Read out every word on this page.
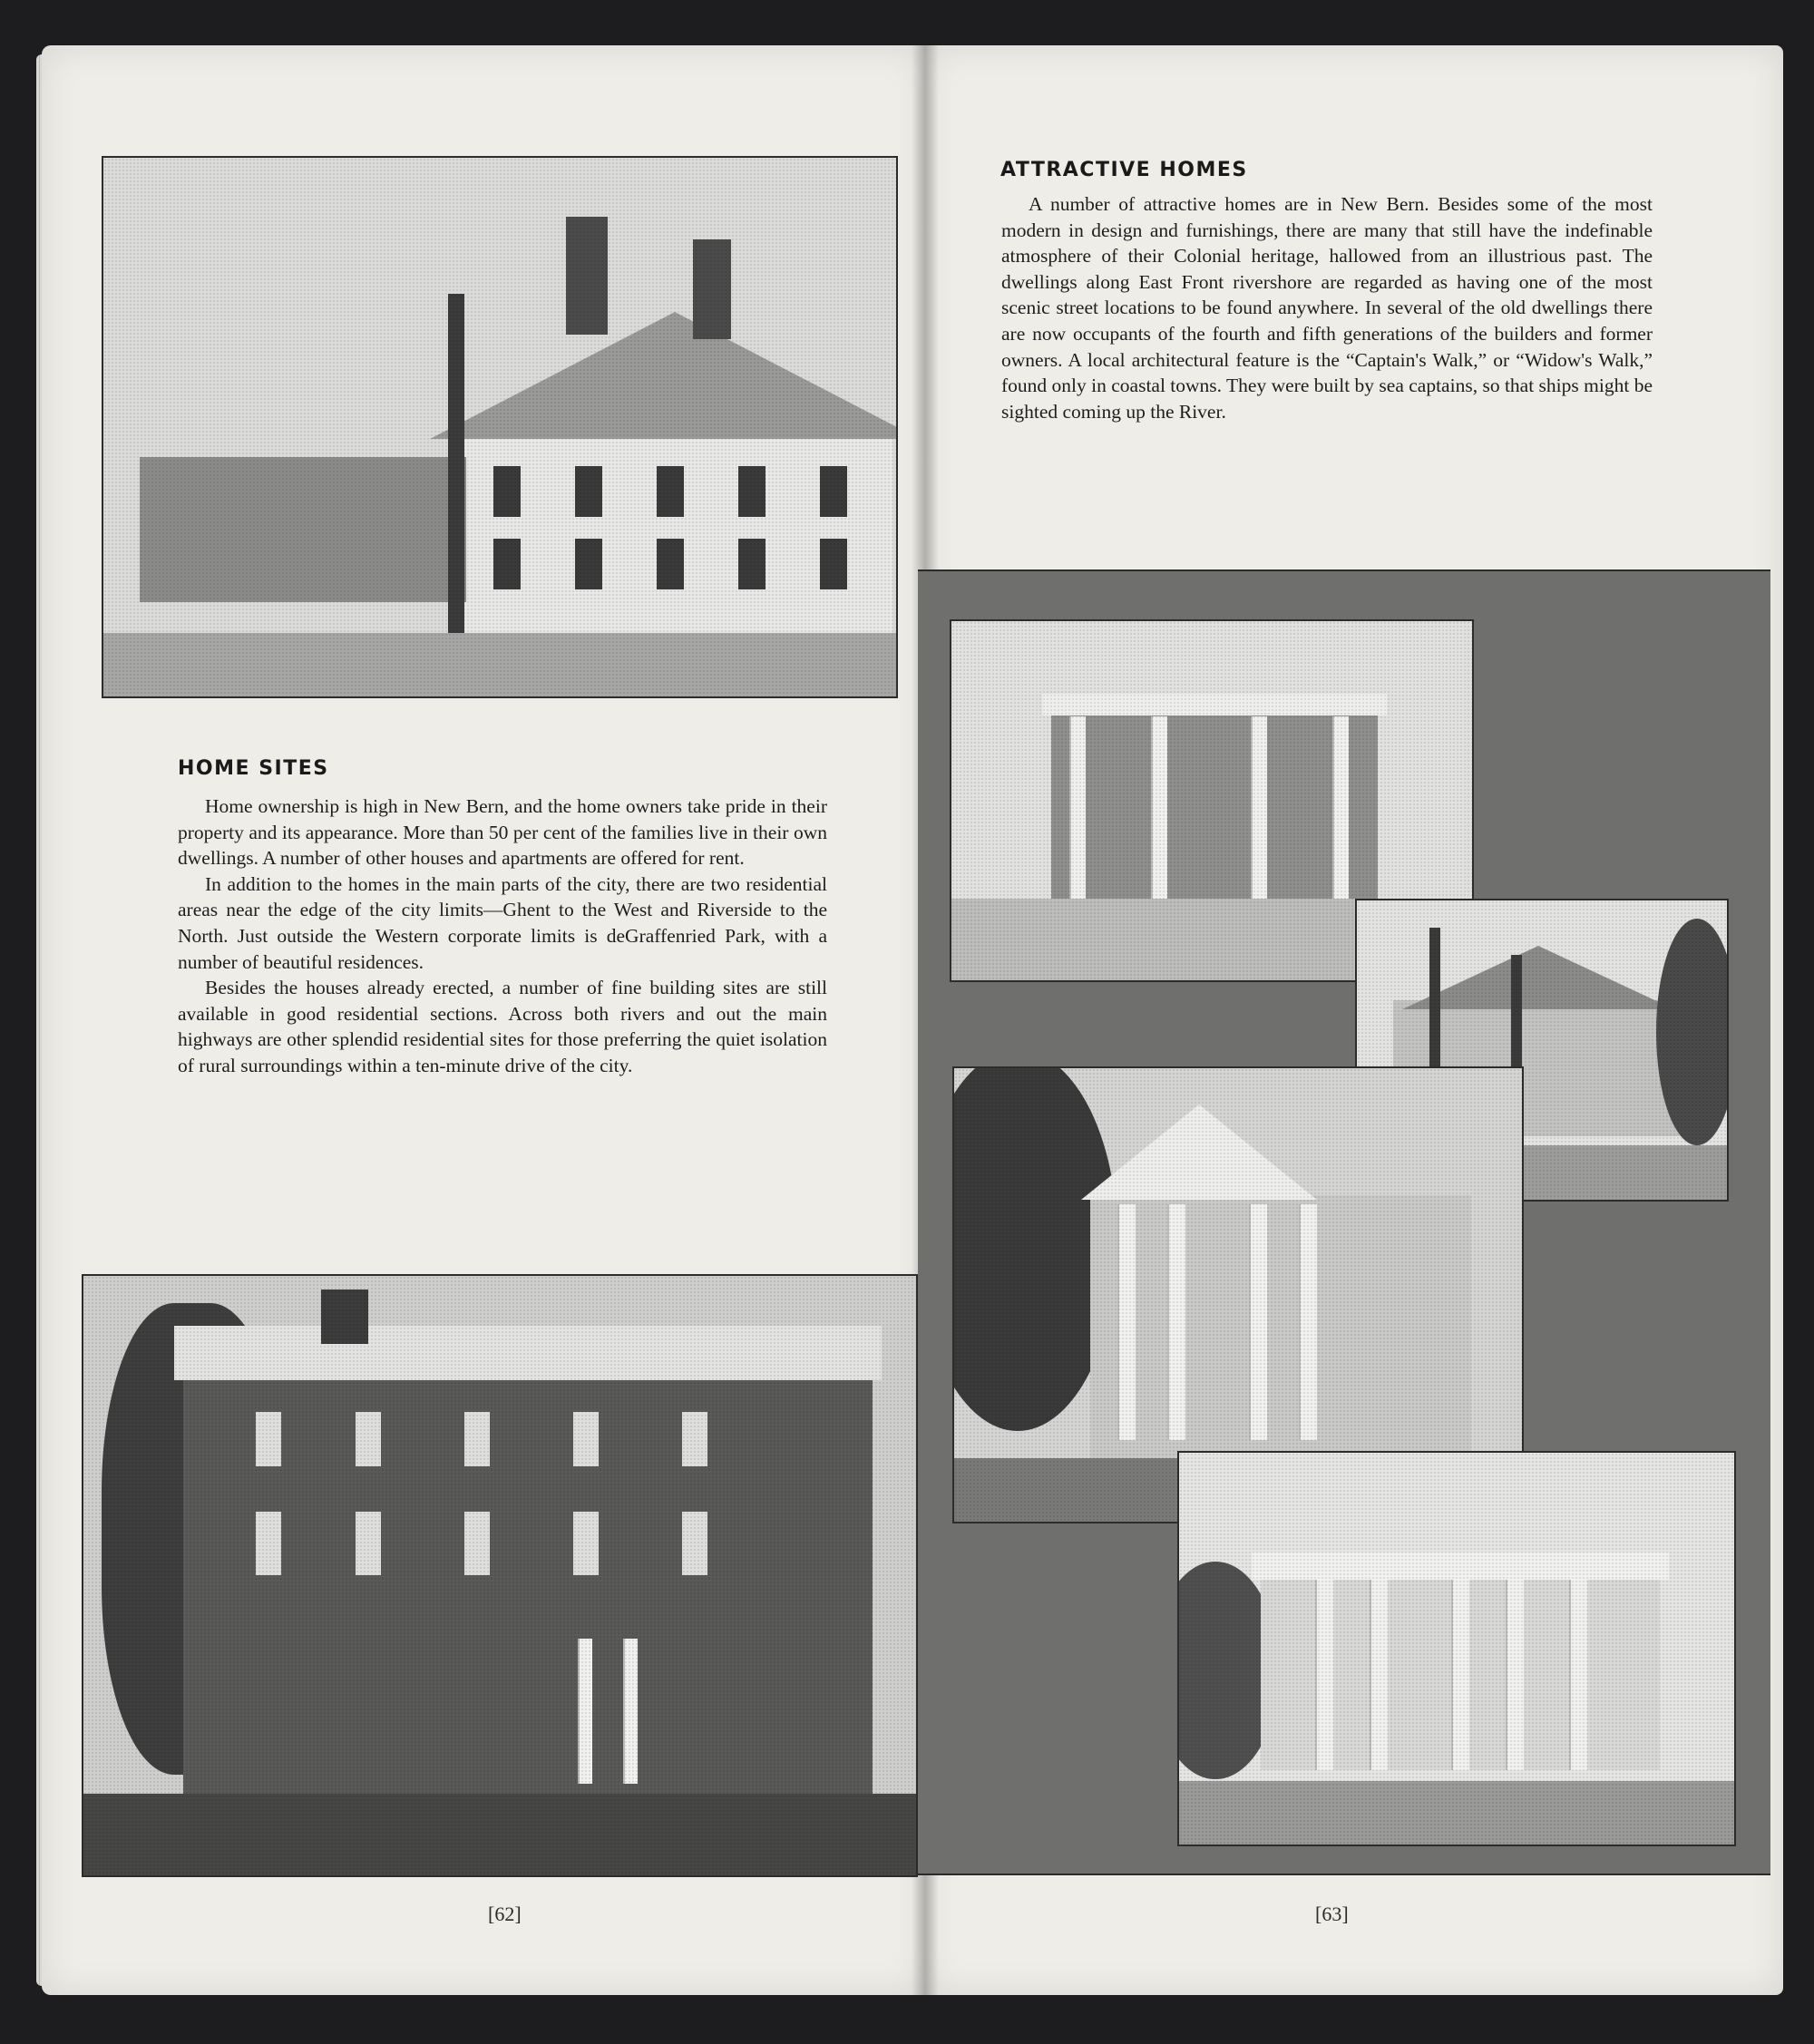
HOME SITES

Home ownership is high in New Bern, and the home owners take pride in their property and its appearance. More than 50 per cent of the families live in their own dwellings. A number of other houses and apartments are offered for rent.

In addition to the homes in the main parts of the city, there are two residential areas near the edge of the city limits—Ghent to the West and Riverside to the North. Just outside the Western corporate limits is deGraffenried Park, with a number of beautiful residences.

Besides the houses already erected, a number of fine building sites are still available in good residential sections. Across both rivers and out the main highways are other splendid residential sites for those preferring the quiet isolation of rural surroundings within a ten-minute drive of the city.

[62]
ATTRACTIVE HOMES

A number of attractive homes are in New Bern. Besides some of the most modern in design and furnishings, there are many that still have the indefinable atmosphere of their Colonial heritage, hallowed from an illustrious past. The dwellings along East Front rivershore are regarded as having one of the most scenic street locations to be found anywhere. In several of the old dwellings there are now occupants of the fourth and fifth generations of the builders and former owners. A local architectural feature is the “Captain's Walk,” or “Widow's Walk,” found only in coastal towns. They were built by sea captains, so that ships might be sighted coming up the River.

[63]
